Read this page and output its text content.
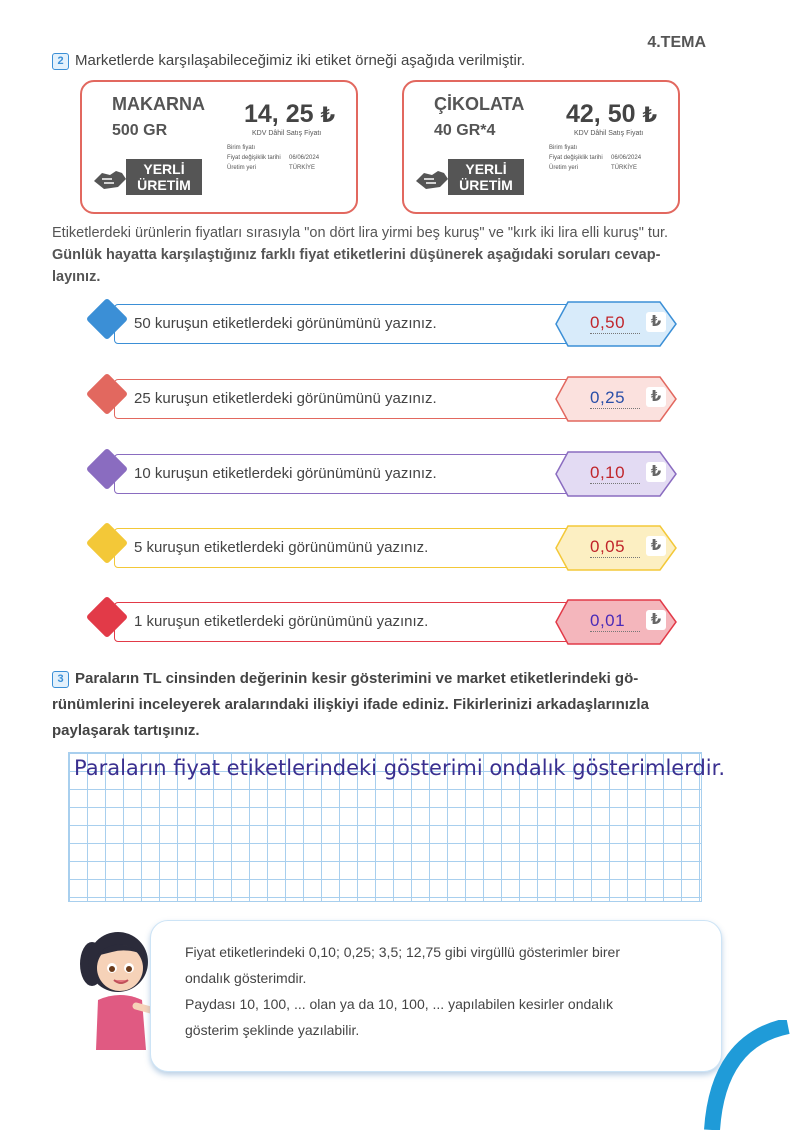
4.TEMA
2 Marketlerde karşılaşabileceğimiz iki etiket örneği aşağıda verilmiştir.
MAKARNA
500 GR
14, 25 ₺
KDV Dâhil Satış Fiyatı
Birim fiyatı
Fiyat değişiklik tarihi 06/06/2024
Üretim yeri	TÜRKİYE
YERLİ
ÜRETİM
ÇİKOLATA
40 GR*4
42, 50 ₺
KDV Dâhil Satış Fiyatı
Birim fiyatı
Fiyat değişiklik tarihi 06/06/2024
Üretim yeri	TÜRKİYE
YERLİ
ÜRETİM
Etiketlerdeki ürünlerin fiyatları sırasıyla "on dört lira yirmi beş kuruş" ve "kırk iki lira elli kuruş" tur.
Günlük hayatta karşılaştığınız farklı fiyat etiketlerini düşünerek aşağıdaki soruları cevap-
layınız.
50 kuruşun etiketlerdeki görünümünü yazınız.	0,50	₺
25 kuruşun etiketlerdeki görünümünü yazınız.	0,25	₺
10 kuruşun etiketlerdeki görünümünü yazınız.	0,10	₺
5 kuruşun etiketlerdeki görünümünü yazınız.	0,05	₺
1 kuruşun etiketlerdeki görünümünü yazınız.	0,01	₺
3 Paraların TL cinsinden değerinin kesir gösterimini ve market etiketlerindeki gö-
rünümlerini inceleyerek aralarındaki ilişkiyi ifade ediniz. Fikirlerinizi arkadaşlarınızla
paylaşarak tartışınız.
Paraların fiyat etiketlerindeki gösterimi ondalık gösterimlerdir.

Fiyat etiketlerindeki 0,10; 0,25; 3,5; 12,75 gibi virgüllü gösterimler birer

ondalık gösterimdir.

Paydası 10, 100, ... olan ya da 10, 100, ... yapılabilen kesirler ondalık

gösterim şeklinde yazılabilir.
